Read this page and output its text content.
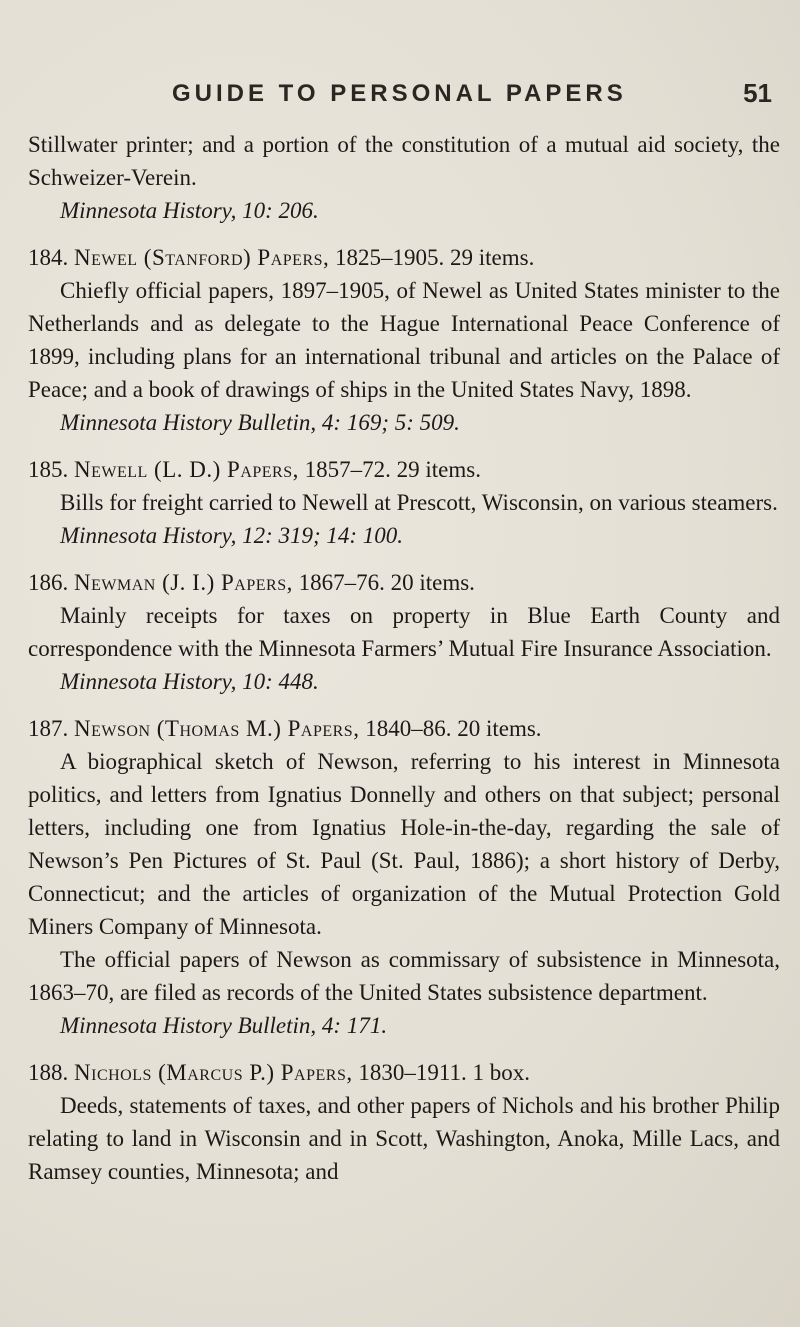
GUIDE TO PERSONAL PAPERS	51

Stillwater printer; and a portion of the constitution of a mutual aid society, the Schweizer-Verein.

Minnesota History, 10: 206.

184. Newel (Stanford) Papers, 1825–1905. 29 items.

Chiefly official papers, 1897–1905, of Newel as United States minister to the Netherlands and as delegate to the Hague International Peace Conference of 1899, including plans for an international tribunal and articles on the Palace of Peace; and a book of drawings of ships in the United States Navy, 1898.

Minnesota History Bulletin, 4: 169; 5: 509.

185. Newell (L. D.) Papers, 1857–72. 29 items.

Bills for freight carried to Newell at Prescott, Wisconsin, on various steamers.

Minnesota History, 12: 319; 14: 100.

186. Newman (J. I.) Papers, 1867–76. 20 items.

Mainly receipts for taxes on property in Blue Earth County and correspondence with the Minnesota Farmers’ Mutual Fire Insurance Association.

Minnesota History, 10: 448.

187. Newson (Thomas M.) Papers, 1840–86. 20 items.

A biographical sketch of Newson, referring to his interest in Minnesota politics, and letters from Ignatius Donnelly and others on that subject; personal letters, including one from Ignatius Hole-in-the-day, regarding the sale of Newson’s Pen Pictures of St. Paul (St. Paul, 1886); a short history of Derby, Connecticut; and the articles of organization of the Mutual Protection Gold Miners Company of Minnesota.

The official papers of Newson as commissary of subsistence in Minnesota, 1863–70, are filed as records of the United States subsistence department.

Minnesota History Bulletin, 4: 171.

188. Nichols (Marcus P.) Papers, 1830–1911. 1 box.

Deeds, statements of taxes, and other papers of Nichols and his brother Philip relating to land in Wisconsin and in Scott, Washington, Anoka, Mille Lacs, and Ramsey counties, Minnesota; and
